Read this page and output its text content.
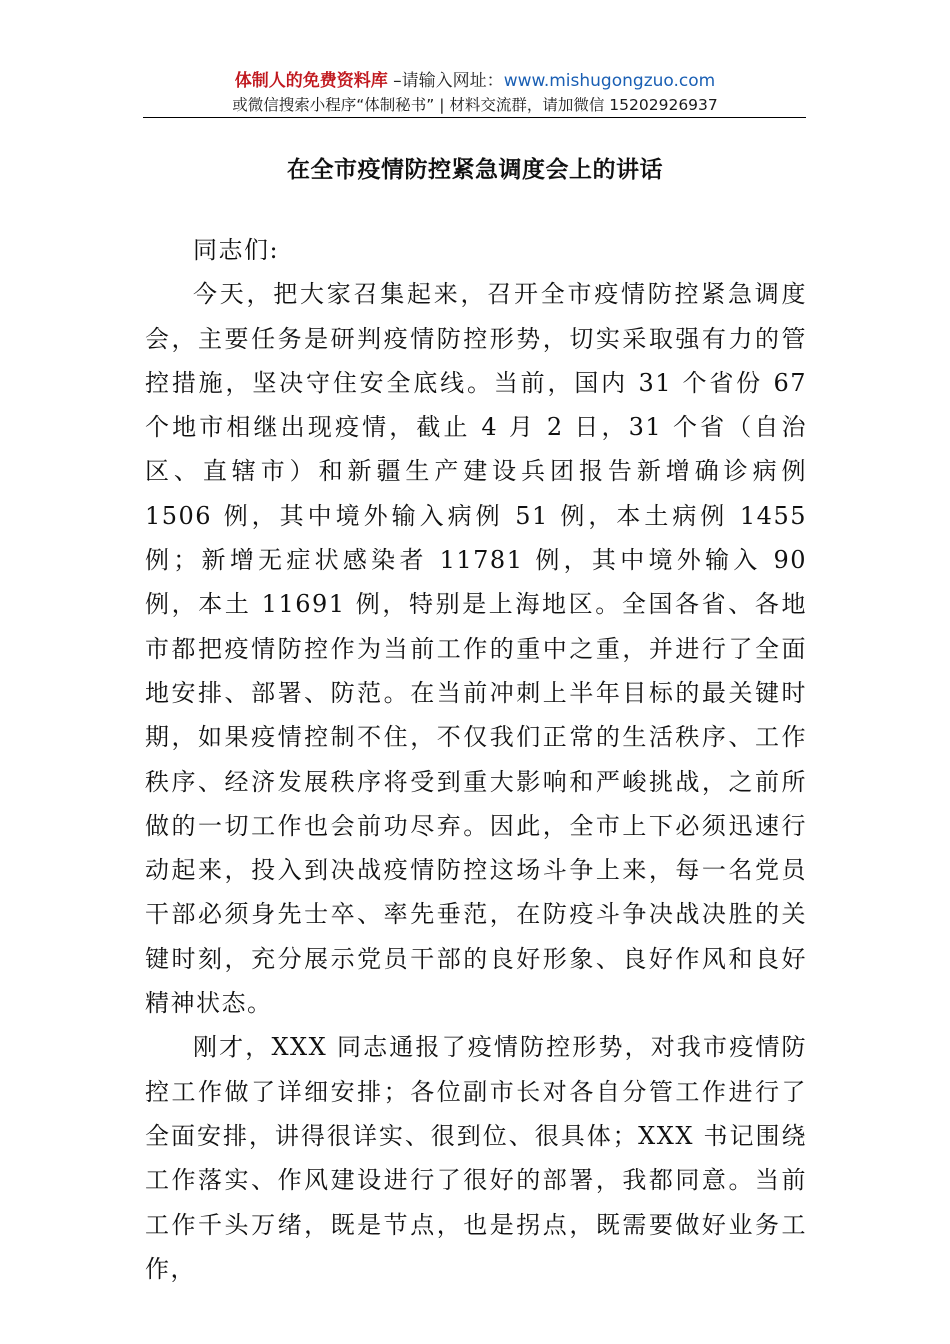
体制人的免费资料库 –请输入网址：www.mishugongzuo.com
或微信搜索小程序“体制秘书” | 材料交流群，请加微信 15202926937
在全市疫情防控紧急调度会上的讲话

同志们:

今天，把大家召集起来，召开全市疫情防控紧急调度会，主要任务是研判疫情防控形势，切实采取强有力的管控措施，坚决守住安全底线。当前，国内 31 个省份 67 个地市相继出现疫情，截止 4 月 2 日，31 个省（自治区、直辖市）和新疆生产建设兵团报告新增确诊病例 1506 例，其中境外输入病例 51 例，本土病例 1455 例；新增无症状感染者 11781 例，其中境外输入 90 例，本土 11691 例，特别是上海地区。全国各省、各地市都把疫情防控作为当前工作的重中之重，并进行了全面地安排、部署、防范。在当前冲刺上半年目标的最关键时期，如果疫情控制不住，不仅我们正常的生活秩序、工作秩序、经济发展秩序将受到重大影响和严峻挑战，之前所做的一切工作也会前功尽弃。因此，全市上下必须迅速行动起来，投入到决战疫情防控这场斗争上来，每一名党员干部必须身先士卒、率先垂范，在防疫斗争决战决胜的关键时刻，充分展示党员干部的良好形象、良好作风和良好精神状态。

刚才，XXX 同志通报了疫情防控形势，对我市疫情防控工作做了详细安排；各位副市长对各自分管工作进行了全面安排，讲得很详实、很到位、很具体；XXX 书记围绕工作落实、作风建设进行了很好的部署，我都同意。当前工作千头万绪，既是节点，也是拐点，既需要做好业务工作，
